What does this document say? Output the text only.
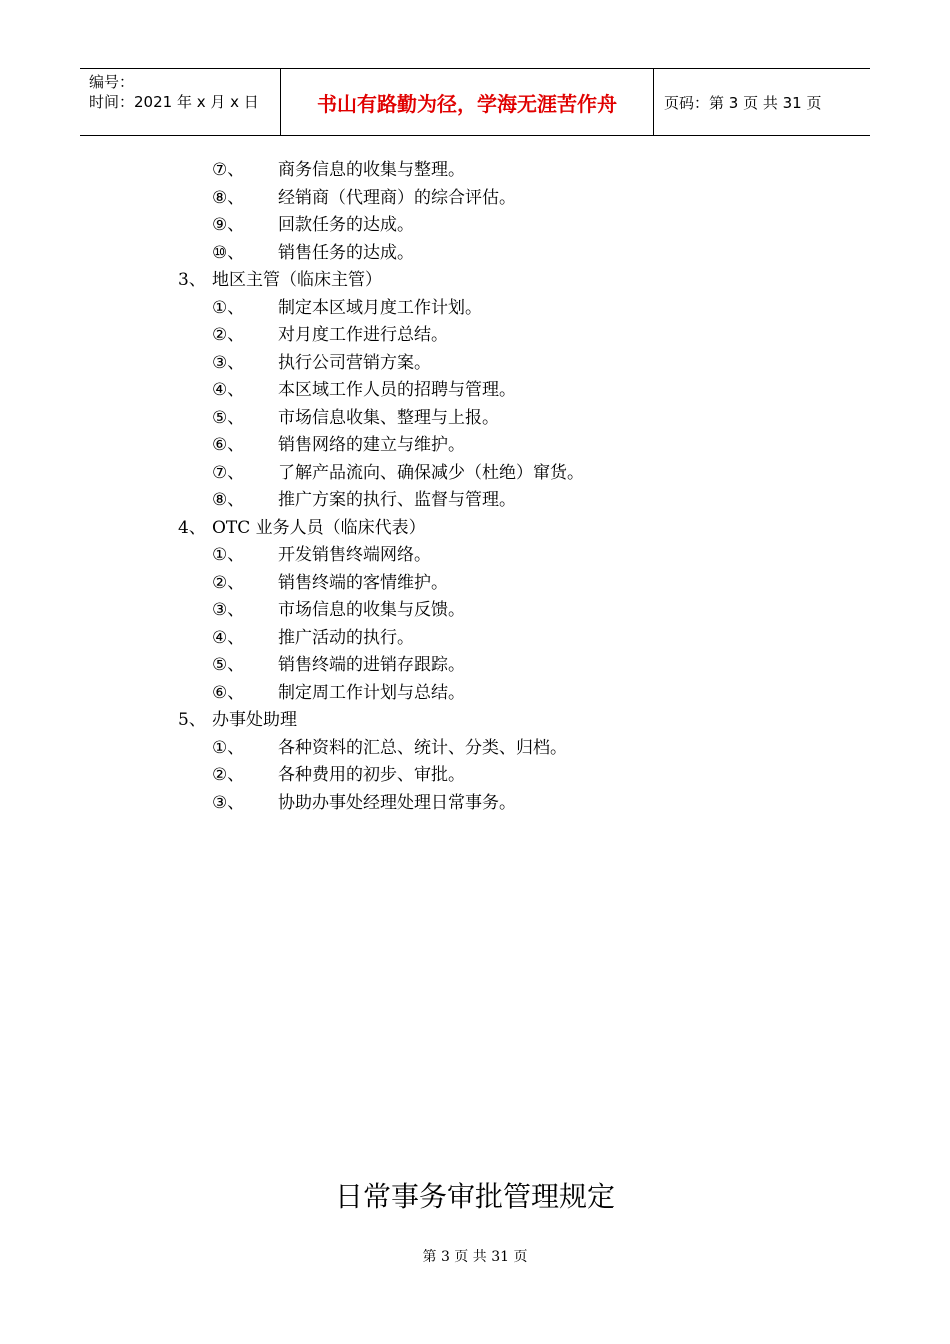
编号：
时间：2021 年 x 月 x 日	书山有路勤为径，学海无涯苦作舟	页码：第 3 页 共 31 页
⑦、 商务信息的收集与整理。
⑧、 经销商（代理商）的综合评估。
⑨、 回款任务的达成。
⑩、 销售任务的达成。
3、 地区主管（临床主管）
①、 制定本区域月度工作计划。
②、 对月度工作进行总结。
③、 执行公司营销方案。
④、 本区域工作人员的招聘与管理。
⑤、 市场信息收集、整理与上报。
⑥、 销售网络的建立与维护。
⑦、 了解产品流向、确保减少（杜绝）窜货。
⑧、 推广方案的执行、监督与管理。
4、 OTC 业务人员（临床代表）
①、 开发销售终端网络。
②、 销售终端的客情维护。
③、 市场信息的收集与反馈。
④、 推广活动的执行。
⑤、 销售终端的进销存跟踪。
⑥、 制定周工作计划与总结。
5、 办事处助理
①、 各种资料的汇总、统计、分类、归档。
②、 各种费用的初步、审批。
③、 协助办事处经理处理日常事务。
日常事务审批管理规定
第 3 页 共 31 页
